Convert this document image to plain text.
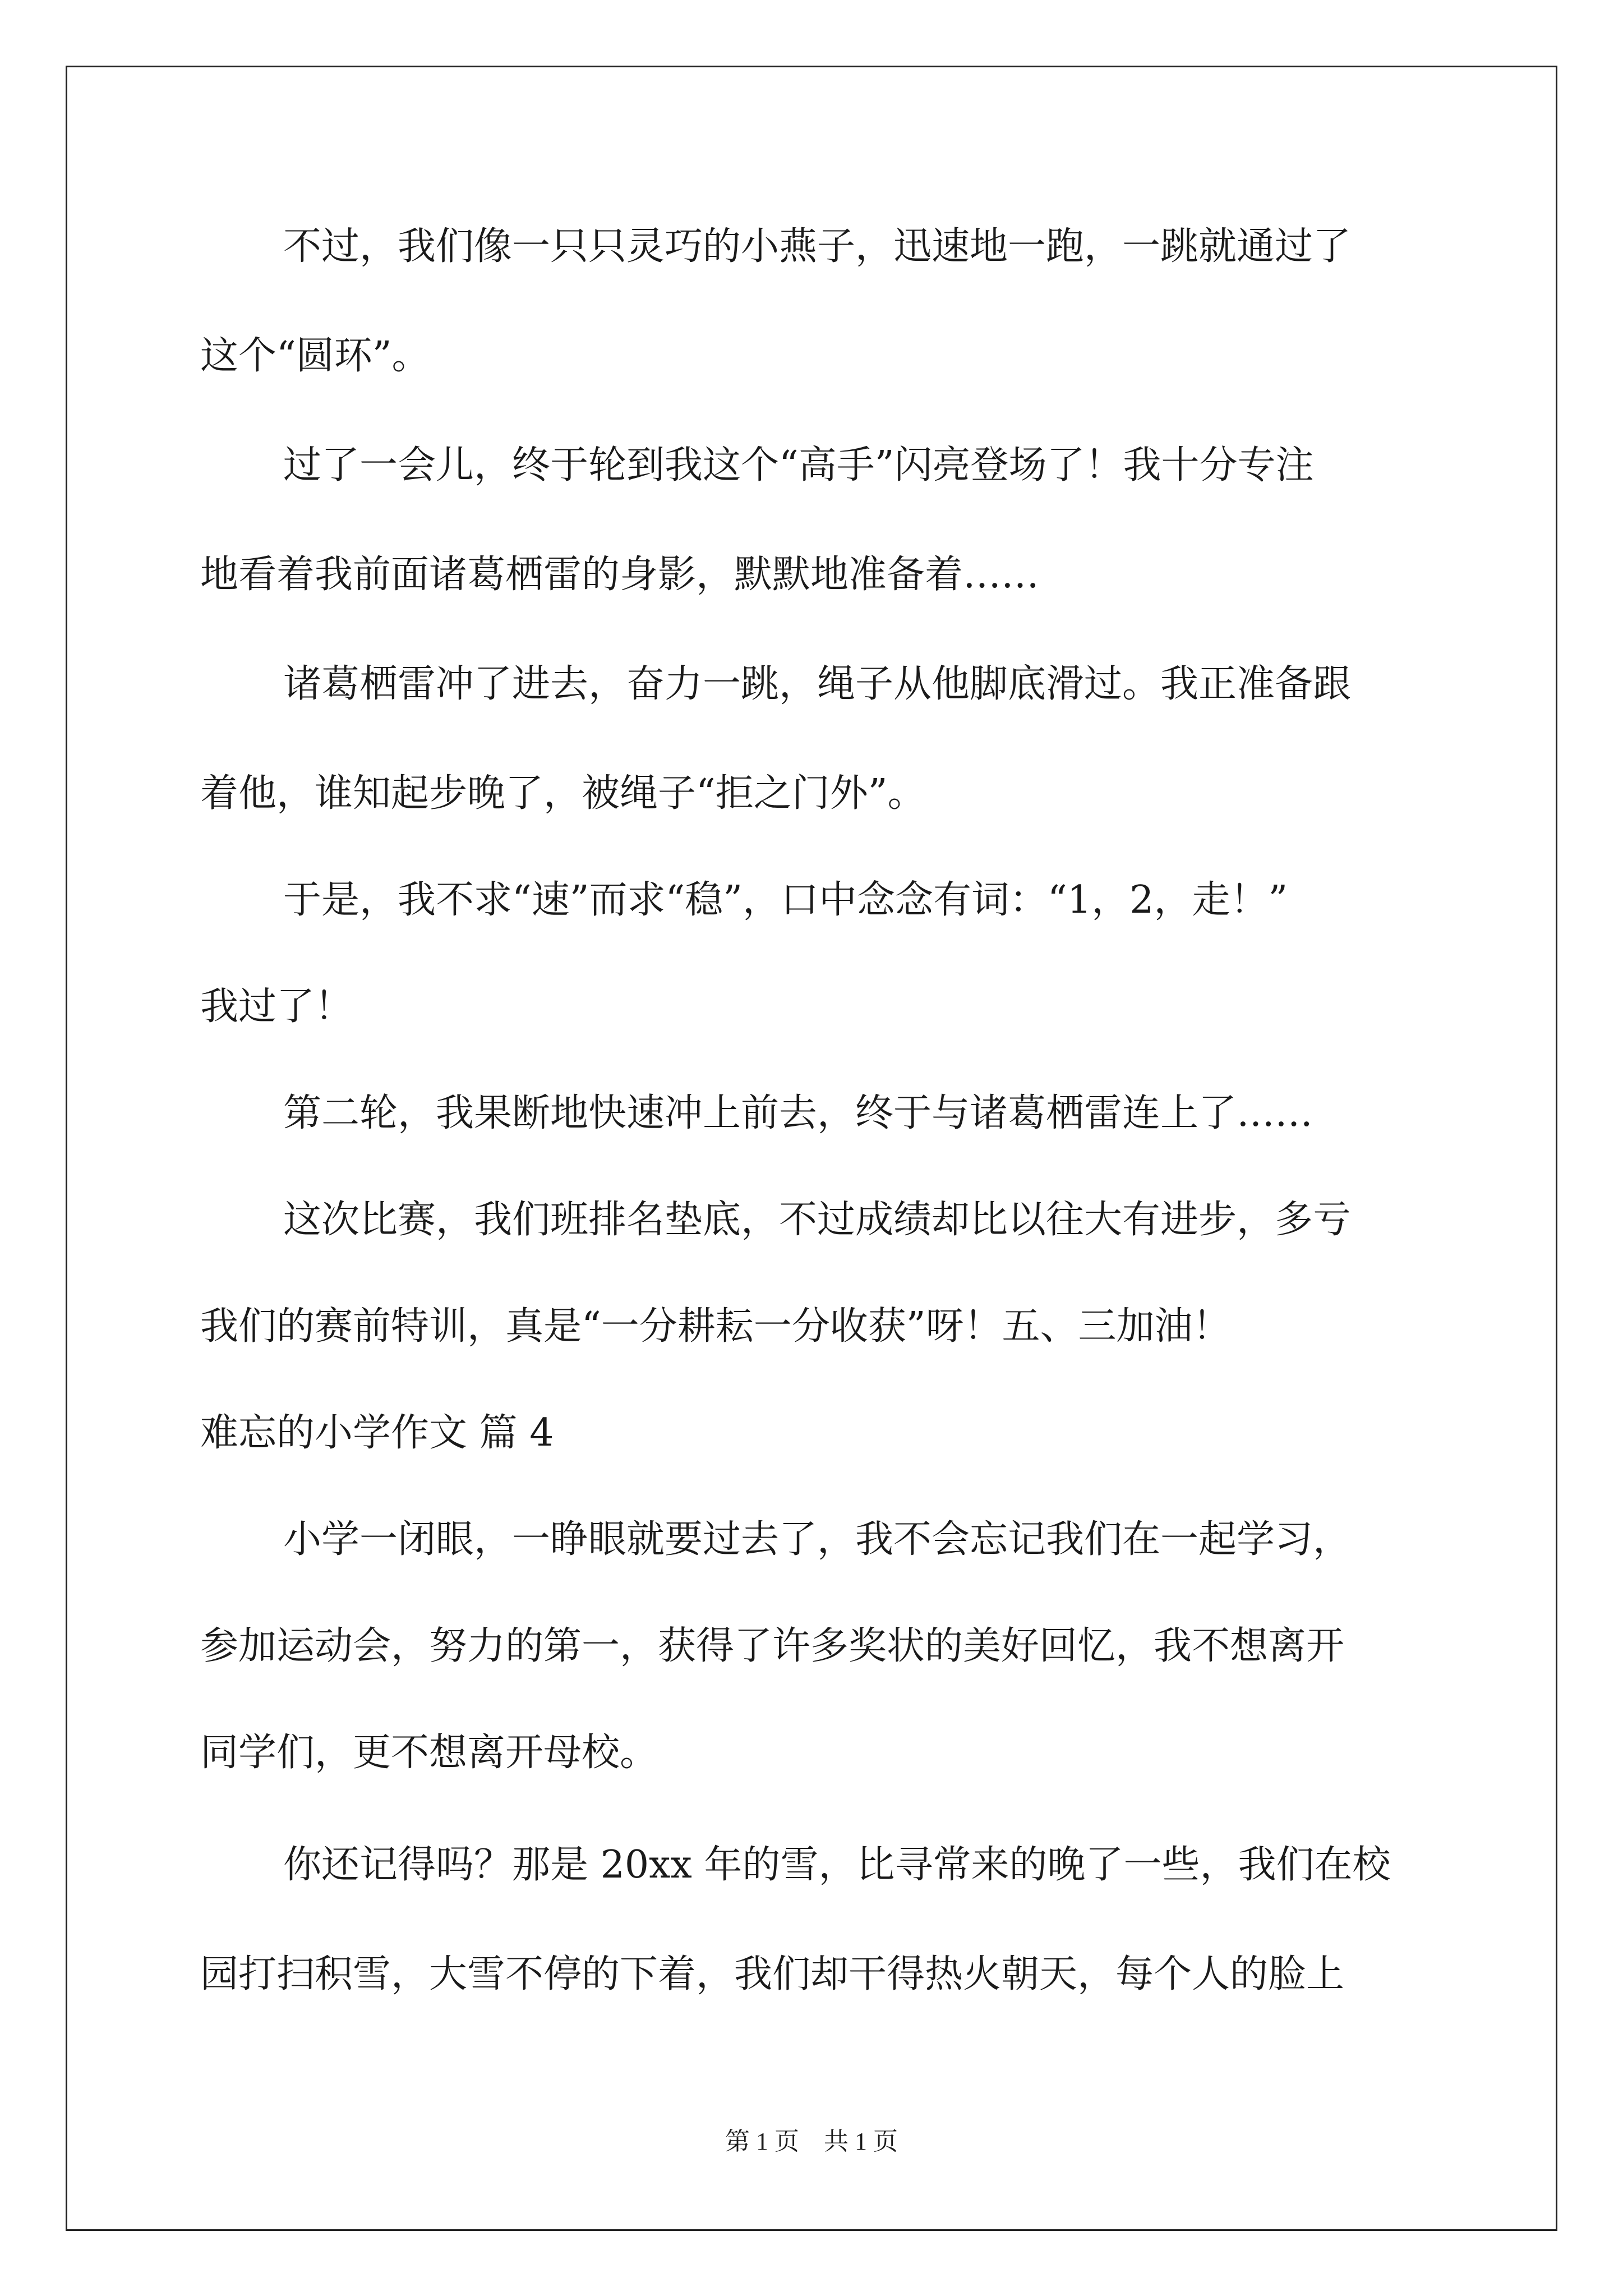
不过，我们像一只只灵巧的小燕子，迅速地一跑，一跳就通过了
这个“圆环”。
过了一会儿，终于轮到我这个“高手”闪亮登场了！我十分专注
地看着我前面诸葛栖雷的身影，默默地准备着……
诸葛栖雷冲了进去，奋力一跳，绳子从他脚底滑过。我正准备跟
着他，谁知起步晚了，被绳子“拒之门外”。
于是，我不求“速”而求“稳”，口中念念有词：“1，2，走！”
我过了！
第二轮，我果断地快速冲上前去，终于与诸葛栖雷连上了……
这次比赛，我们班排名垫底，不过成绩却比以往大有进步，多亏
我们的赛前特训，真是“一分耕耘一分收获”呀！五、三加油！
难忘的小学作文 篇 4
小学一闭眼，一睁眼就要过去了，我不会忘记我们在一起学习，
参加运动会，努力的第一，获得了许多奖状的美好回忆，我不想离开
同学们，更不想离开母校。
你还记得吗？那是 20xx 年的雪，比寻常来的晚了一些，我们在校
园打扫积雪，大雪不停的下着，我们却干得热火朝天，每个人的脸上
第 1 页　共 1 页
